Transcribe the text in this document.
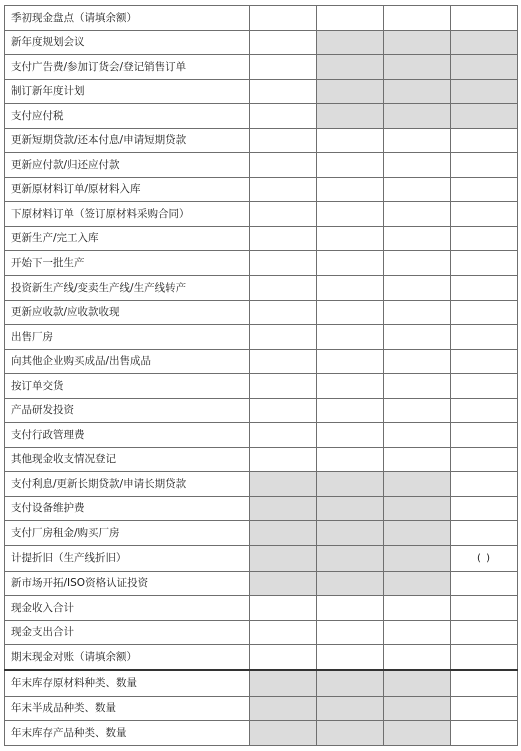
季初现金盘点（请填余额）				
新年度规划会议				
支付广告费/参加订货会/登记销售订单				
制订新年度计划				
支付应付税				
更新短期贷款/还本付息/申请短期贷款				
更新应付款/归还应付款				
更新原材料订单/原材料入库				
下原材料订单（签订原材料采购合同）				
更新生产/完工入库				
开始下一批生产				
投资新生产线/变卖生产线/生产线转产				
更新应收款/应收款收现				
出售厂房				
向其他企业购买成品/出售成品				
按订单交货				
产品研发投资				
支付行政管理费				
其他现金收支情况登记				
支付利息/更新长期贷款/申请长期贷款				
支付设备维护费				
支付厂房租金/购买厂房				
计提折旧（生产线折旧）				( )
新市场开拓/ISO资格认证投资				
现金收入合计				
现金支出合计				
期末现金对账（请填余额）				
年末库存原材料种类、数量				
年末半成品种类、数量				
年末库存产品种类、数量				
